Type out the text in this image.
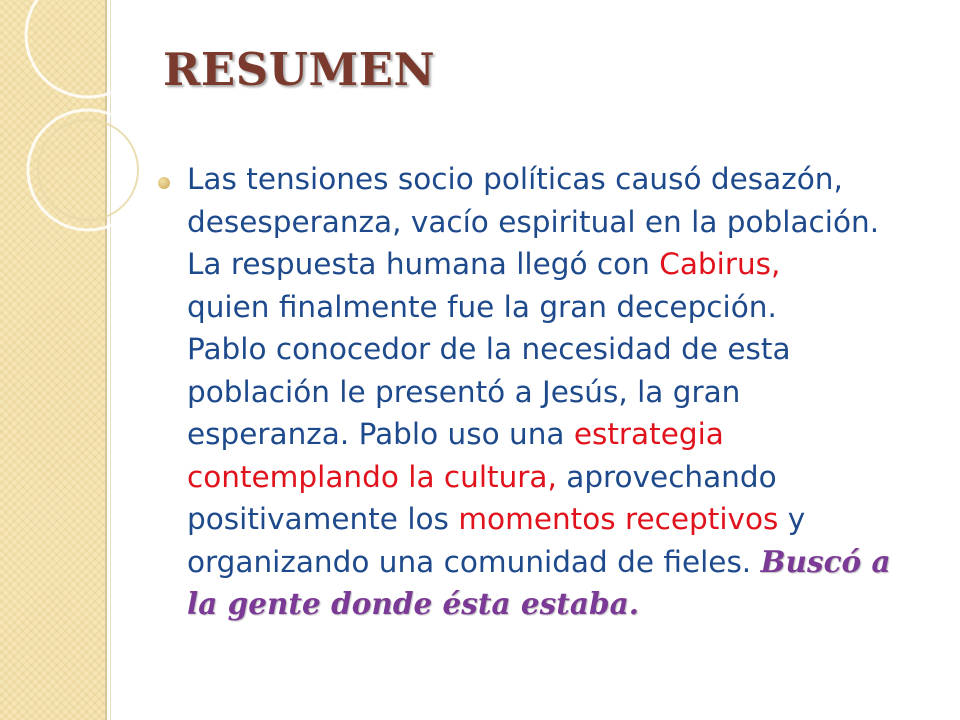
RESUMEN

Las tensiones socio políticas causó desazón,
desesperanza, vacío espiritual en la población.
La respuesta humana llegó con Cabirus,
quien finalmente fue la gran decepción.
Pablo conocedor de la necesidad de esta
población le presentó a Jesús, la gran
esperanza. Pablo uso una estrategia
contemplando la cultura, aprovechando
positivamente los momentos receptivos y
organizando una comunidad de fieles. Buscó a
la gente donde ésta estaba.
